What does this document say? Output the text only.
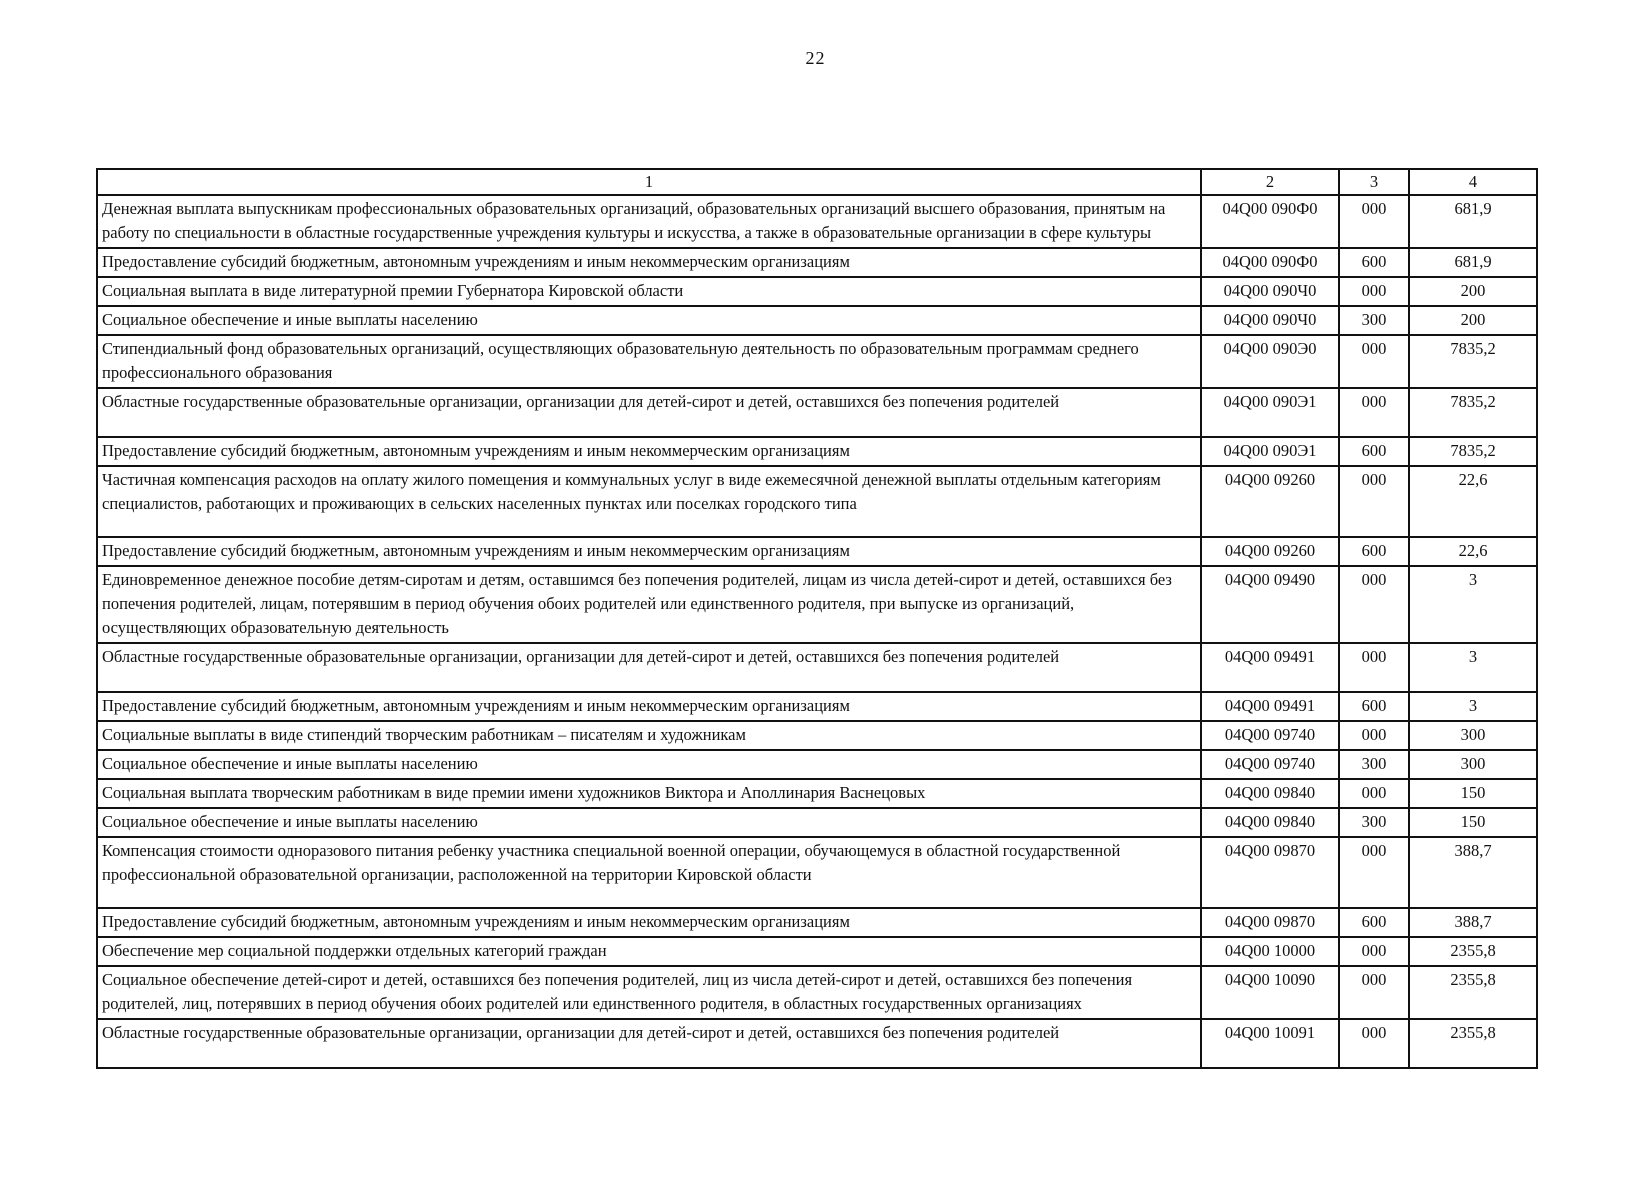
22
1	2	3	4
Денежная выплата выпускникам профессиональных образовательных организаций, образовательных организаций высшего образования, принятым на работу по специальности в областные государственные учреждения культуры и искусства, а также в образовательные организации в сфере культуры	04Q00 090Ф0	000	681,9
Предоставление субсидий бюджетным, автономным учреждениям и иным некоммерческим организациям	04Q00 090Ф0	600	681,9
Социальная выплата в виде литературной премии Губернатора Кировской области	04Q00 090Ч0	000	200
Социальное обеспечение и иные выплаты населению	04Q00 090Ч0	300	200
Стипендиальный фонд образовательных организаций, осуществляющих образовательную деятельность по образовательным программам среднего профессионального образования	04Q00 090Э0	000	7835,2
Областные государственные образовательные организации, организации для детей-сирот и детей, оставшихся без попечения родителей	04Q00 090Э1	000	7835,2
Предоставление субсидий бюджетным, автономным учреждениям и иным некоммерческим организациям	04Q00 090Э1	600	7835,2
Частичная компенсация расходов на оплату жилого помещения и коммунальных услуг в виде ежемесячной денежной выплаты отдельным категориям специалистов, работающих и проживающих в сельских населенных пунктах или поселках городского типа	04Q00 09260	000	22,6
Предоставление субсидий бюджетным, автономным учреждениям и иным некоммерческим организациям	04Q00 09260	600	22,6
Единовременное денежное пособие детям-сиротам и детям, оставшимся без попечения родителей, лицам из числа детей-сирот и детей, оставшихся без попечения родителей, лицам, потерявшим в период обучения обоих родителей или единственного родителя, при выпуске из организаций, осуществляющих образовательную деятельность	04Q00 09490	000	3
Областные государственные образовательные организации, организации для детей-сирот и детей, оставшихся без попечения родителей	04Q00 09491	000	3
Предоставление субсидий бюджетным, автономным учреждениям и иным некоммерческим организациям	04Q00 09491	600	3
Социальные выплаты в виде стипендий творческим работникам – писателям и художникам	04Q00 09740	000	300
Социальное обеспечение и иные выплаты населению	04Q00 09740	300	300
Социальная выплата творческим работникам в виде премии имени художников Виктора и Аполлинария Васнецовых	04Q00 09840	000	150
Социальное обеспечение и иные выплаты населению	04Q00 09840	300	150
Компенсация стоимости одноразового питания ребенку участника специальной военной операции, обучающемуся в областной государственной профессиональной образовательной организации, расположенной на территории Кировской области	04Q00 09870	000	388,7
Предоставление субсидий бюджетным, автономным учреждениям и иным некоммерческим организациям	04Q00 09870	600	388,7
Обеспечение мер социальной поддержки отдельных категорий граждан	04Q00 10000	000	2355,8
Социальное обеспечение детей-сирот и детей, оставшихся без попечения родителей, лиц из числа детей-сирот и детей, оставшихся без попечения родителей, лиц, потерявших в период обучения обоих родителей или единственного родителя, в областных государственных организациях	04Q00 10090	000	2355,8
Областные государственные образовательные организации, организации для детей-сирот и детей, оставшихся без попечения родителей	04Q00 10091	000	2355,8
